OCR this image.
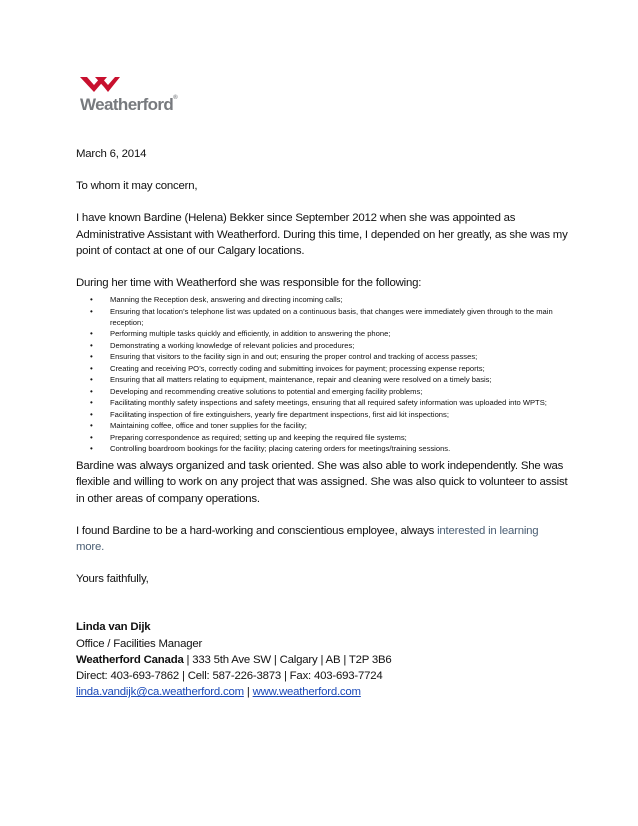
Weatherford®

March 6, 2014

To whom it may concern,

I have known Bardine (Helena) Bekker since September 2012 when she was appointed as Administrative Assistant with Weatherford. During this time, I depended on her greatly, as she was my point of contact at one of our Calgary locations.

During her time with Weatherford she was responsible for the following:

• Manning the Reception desk, answering and directing incoming calls;
• Ensuring that location’s telephone list was updated on a continuous basis, that changes were immediately given through to the main reception;
• Performing multiple tasks quickly and efficiently, in addition to answering the phone;
• Demonstrating a working knowledge of relevant policies and procedures;
• Ensuring that visitors to the facility sign in and out; ensuring the proper control and tracking of access passes;
• Creating and receiving PO’s, correctly coding and submitting invoices for payment; processing expense reports;
• Ensuring that all matters relating to equipment, maintenance, repair and cleaning were resolved on a timely basis;
• Developing and recommending creative solutions to potential and emerging facility problems;
• Facilitating monthly safety inspections and safety meetings, ensuring that all required safety information was uploaded into WPTS;
• Facilitating inspection of fire extinguishers, yearly fire department inspections, first aid kit inspections;
• Maintaining coffee, office and toner supplies for the facility;
• Preparing correspondence as required; setting up and keeping the required file systems;
• Controlling boardroom bookings for the facility; placing catering orders for meetings/training sessions.

Bardine was always organized and task oriented. She was also able to work independently. She was flexible and willing to work on any project that was assigned. She was also quick to volunteer to assist in other areas of company operations.

I found Bardine to be a hard-working and conscientious employee, always interested in learning more.

Yours faithfully,

Linda van Dijk

Office / Facilities Manager

Weatherford Canada | 333 5th Ave SW | Calgary | AB | T2P 3B6

Direct: 403-693-7862 | Cell: 587-226-3873 | Fax: 403-693-7724

linda.vandijk@ca.weatherford.com | www.weatherford.com
